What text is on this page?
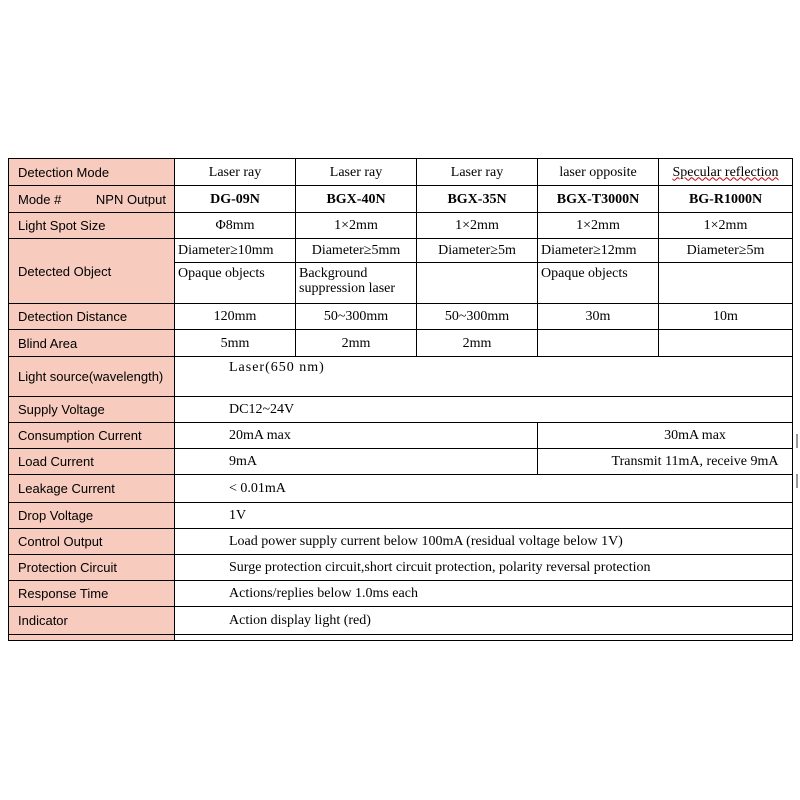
Detection Mode	Laser ray	Laser ray	Laser ray	laser opposite	Specular reflection

Mode # NPN Output	DG-09N	BGX-40N	BGX-35N	BGX-T3000N	BG-R1000N
Light Spot Size	Φ8mm	1×2mm	1×2mm	1×2mm	1×2mm
Detected Object	Diameter≥10mm	Diameter≥5mm	Diameter≥5m	Diameter≥12mm	Diameter≥5m
	Opaque objects	Background suppression laser		Opaque objects	
Detection Distance	120mm	50~300mm	50~300mm	30m	10m
Blind Area	5mm	2mm	2mm		
Light source(wavelength)	Laser(650 nm)				
Supply Voltage	DC12~24V				
Consumption Current	20mA max			30mA max	
Load Current	9mA			Transmit 11mA, receive 9mA	
Leakage Current	< 0.01mA				
Drop Voltage	1V				
Control Output	Load power supply current below 100mA (residual voltage below 1V)				
Protection Circuit	Surge protection circuit,short circuit protection, polarity reversal protection				
Response Time	Actions/replies below 1.0ms each				
Indicator	Action display light (red)				
